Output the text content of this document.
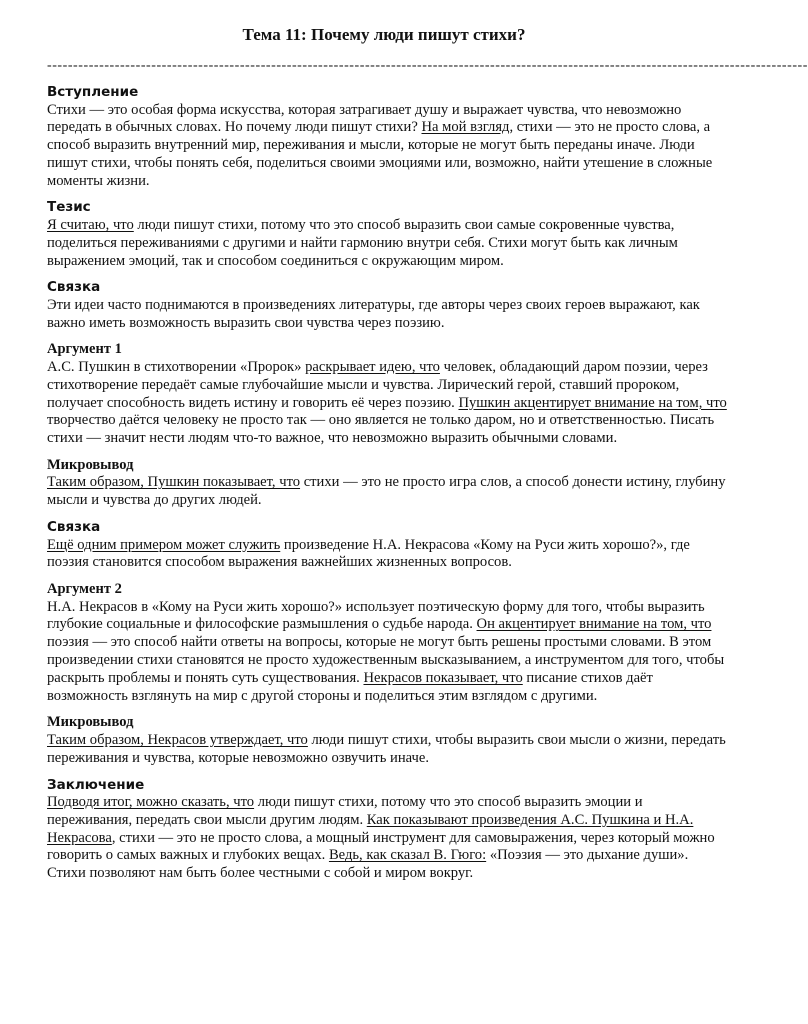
Тема 11: Почему люди пишут стихи?
--------------------------------------------------------------------------------------------------------------------------------------------------
Вступление

Стихи — это особая форма искусства, которая затрагивает душу и выражает чувства, что невозможно передать в обычных словах. Но почему люди пишут стихи? На мой взгляд, стихи — это не просто слова, а способ выразить внутренний мир, переживания и мысли, которые не могут быть переданы иначе. Люди пишут стихи, чтобы понять себя, поделиться своими эмоциями или, возможно, найти утешение в сложные моменты жизни.

Тезис

Я считаю, что люди пишут стихи, потому что это способ выразить свои самые сокровенные чувства, поделиться переживаниями с другими и найти гармонию внутри себя. Стихи могут быть как личным выражением эмоций, так и способом соединиться с окружающим миром.

Связка

Эти идеи часто поднимаются в произведениях литературы, где авторы через своих героев выражают, как важно иметь возможность выразить свои чувства через поэзию.

Аргумент 1

А.С. Пушкин в стихотворении «Пророк» раскрывает идею, что человек, обладающий даром поэзии, через стихотворение передаёт самые глубочайшие мысли и чувства. Лирический герой, ставший пророком, получает способность видеть истину и говорить её через поэзию. Пушкин акцентирует внимание на том, что творчество даётся человеку не просто так — оно является не только даром, но и ответственностью. Писать стихи — значит нести людям что-то важное, что невозможно выразить обычными словами.

Микровывод

Таким образом, Пушкин показывает, что стихи — это не просто игра слов, а способ донести истину, глубину мысли и чувства до других людей.

Связка

Ещё одним примером может служить произведение Н.А. Некрасова «Кому на Руси жить хорошо?», где поэзия становится способом выражения важнейших жизненных вопросов.

Аргумент 2

Н.А. Некрасов в «Кому на Руси жить хорошо?» использует поэтическую форму для того, чтобы выразить глубокие социальные и философские размышления о судьбе народа. Он акцентирует внимание на том, что поэзия — это способ найти ответы на вопросы, которые не могут быть решены простыми словами. В этом произведении стихи становятся не просто художественным высказыванием, а инструментом для того, чтобы раскрыть проблемы и понять суть существования. Некрасов показывает, что писание стихов даёт возможность взглянуть на мир с другой стороны и поделиться этим взглядом с другими.

Микровывод

Таким образом, Некрасов утверждает, что люди пишут стихи, чтобы выразить свои мысли о жизни, передать переживания и чувства, которые невозможно озвучить иначе.

Заключение

Подводя итог, можно сказать, что люди пишут стихи, потому что это способ выразить эмоции и переживания, передать свои мысли другим людям. Как показывают произведения А.С. Пушкина и Н.А. Некрасова, стихи — это не просто слова, а мощный инструмент для самовыражения, через который можно говорить о самых важных и глубоких вещах. Ведь, как сказал В. Гюго: «Поэзия — это дыхание души». Стихи позволяют нам быть более честными с собой и миром вокруг.
